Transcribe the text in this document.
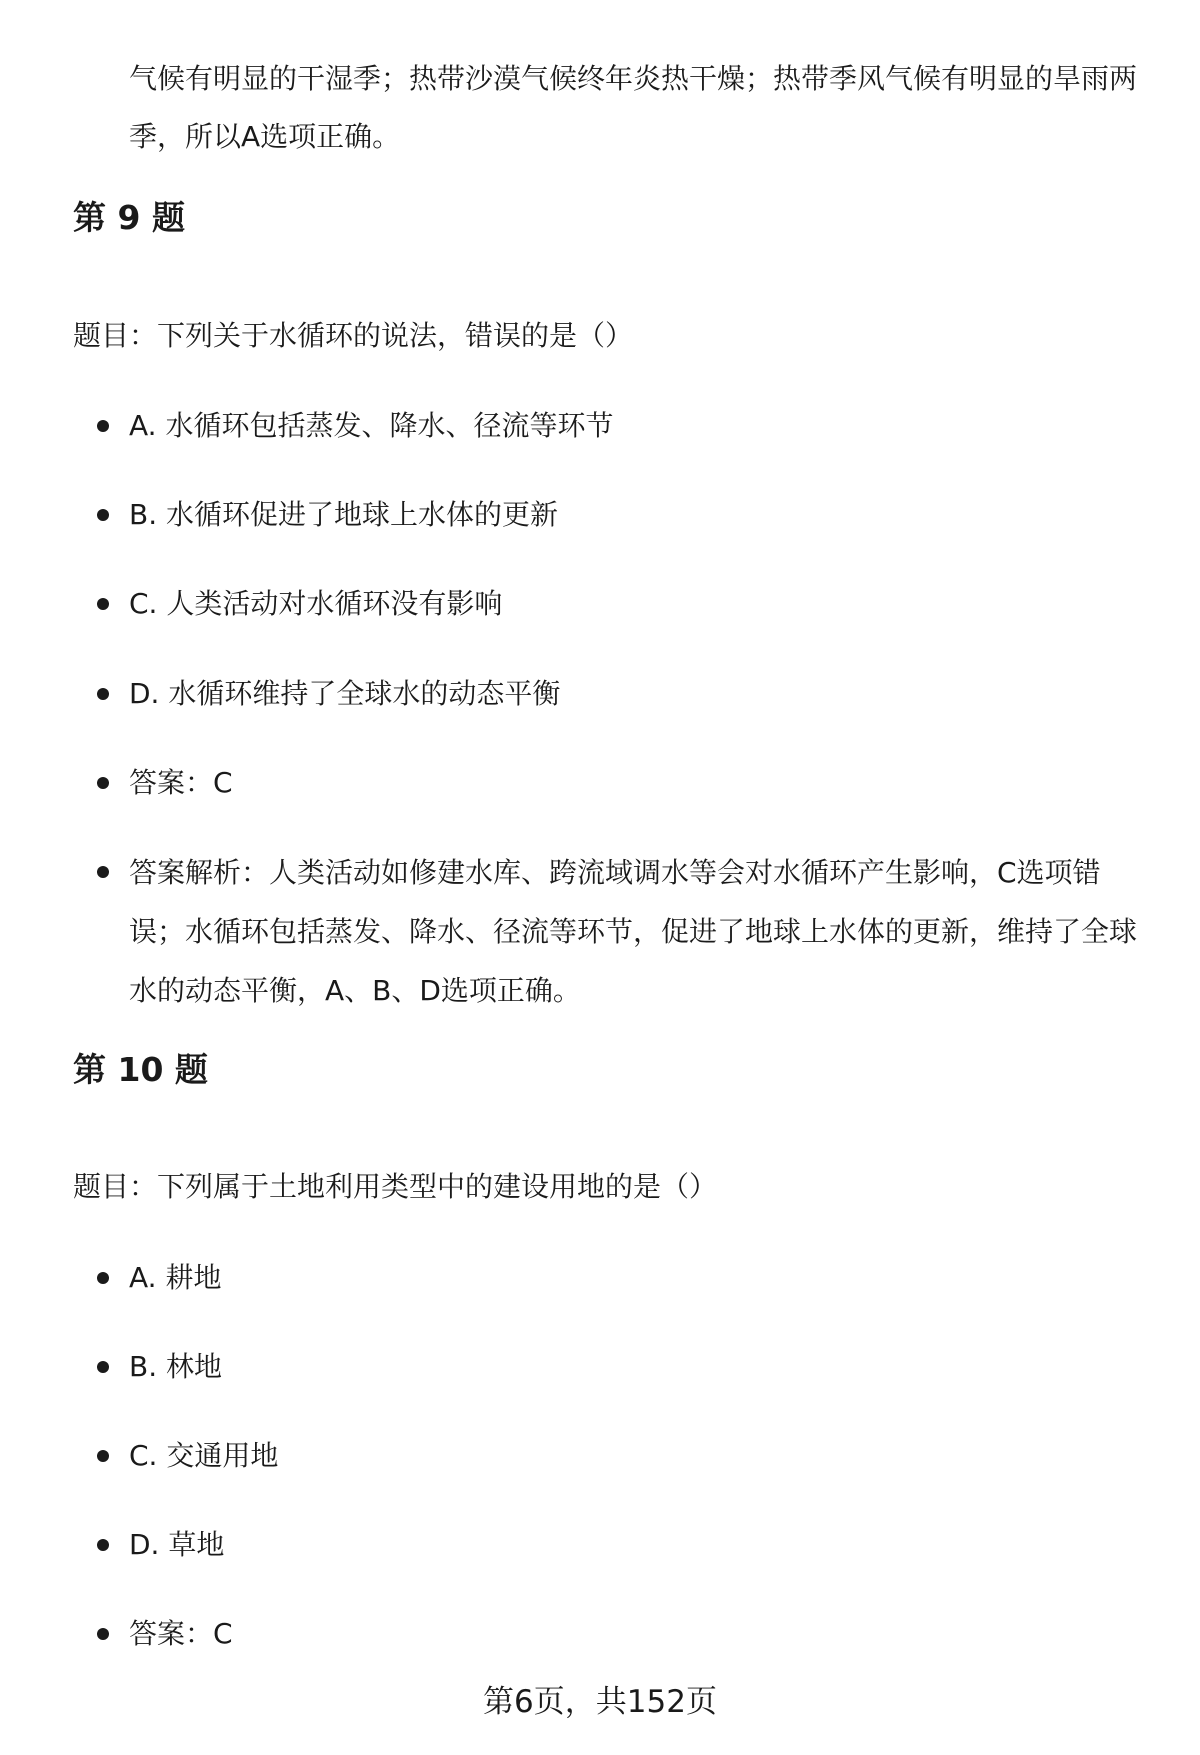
气候有明显的干湿季；热带沙漠气候终年炎热干燥；热带季风气候有明显的旱雨两季，所以A选项正确。
第 9 题
题目：下列关于水循环的说法，错误的是（）
A. 水循环包括蒸发、降水、径流等环节
B. 水循环促进了地球上水体的更新
C. 人类活动对水循环没有影响
D. 水循环维持了全球水的动态平衡
答案：C
答案解析：人类活动如修建水库、跨流域调水等会对水循环产生影响，C选项错误；水循环包括蒸发、降水、径流等环节，促进了地球上水体的更新，维持了全球水的动态平衡，A、B、D选项正确。
第 10 题
题目：下列属于土地利用类型中的建设用地的是（）
A. 耕地
B. 林地
C. 交通用地
D. 草地
答案：C
第6页，共152页
